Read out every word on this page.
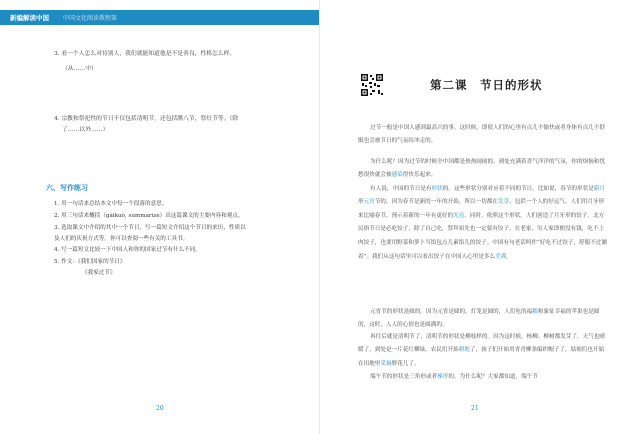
新编解读中国	中国文化阅读教程第
3. 看一个人怎么对待别人，我们就能知道他是不是善良，性格怎么样。
（从……中）
4. 宗教和祭祀性的节日不仅包括清明节，还包括腊八节，祭灶节等。（除
了……以外……）
六、写作练习
1. 用一句话来总结本文中每一个段落的意思。
2. 用三句话来概括（gàikuò, summarize）出这篇课文的主要内容和观点。
3. 选取课文中介绍的其中一个节日，写一篇短文介绍这个节日的来历，性质以
及人们的庆祝方式等。你可以查阅一些有关的工具书。
4. 写一篇短文比较一下中国人和你的国家过节有什么不同。
5. 作文：《我们国家的节日》
《我家过节》
20
第二课　节日的形状

过节一般是中国人感到最高兴的事。这时候，即使人们的心里有点儿不愉快或者身体有点儿不舒服也会被节日的气氛给冲走的。

为什么呢？因为过节的时候全中国都是热热闹闹的，到处充满着喜气洋洋的气氛，你的烦恼和忧愁很快就会被感染得快乐起来。

有人说，中国的节日是有形状的。这些形状分别对应着不同的节日。比如说，春节的形状是新月形元宵节的，因为春节是新的一年的开始，所以一切都在发芽，包括一个人的好运气。人们用月牙形来比喻春节，预示着新的一年有更好的光亮。同时，依照这个形状，人们创造了月牙形的饺子。北方民俗节日是必吃饺子，除了自己吃，祭拜祖先也一定要有饺子。在老家，穷人家即便没有钱，吃不上肉饺子，也要用野菜和萝卜当馅包点儿素馅儿的饺子。中国有句老话叫作“好吃不过饺子，舒服不过躺着”。我们从这句话里可以看出饺子在中国人心里是多么美满。

元宵节的形状是圆的。因为元宵是圆的，灯笼是圆的，人们吃的福糯和象征幸福的苹果也是圆的，这时，人人的心情也是圆满的。

再往后就是清明节了，清明节的形状是柳枝样的。因为这时候，杨柳、柳树都发芽了，天气也晴暖了，到处是一片花红柳绿。农民们开始耕地了，孩子们开始用青青柳条编织帽子了，姑娘们也开始在田地里采摘野花儿了。

端午节的形状是三角形或者梯形的。为什么呢？大家都知道，端午节

21
